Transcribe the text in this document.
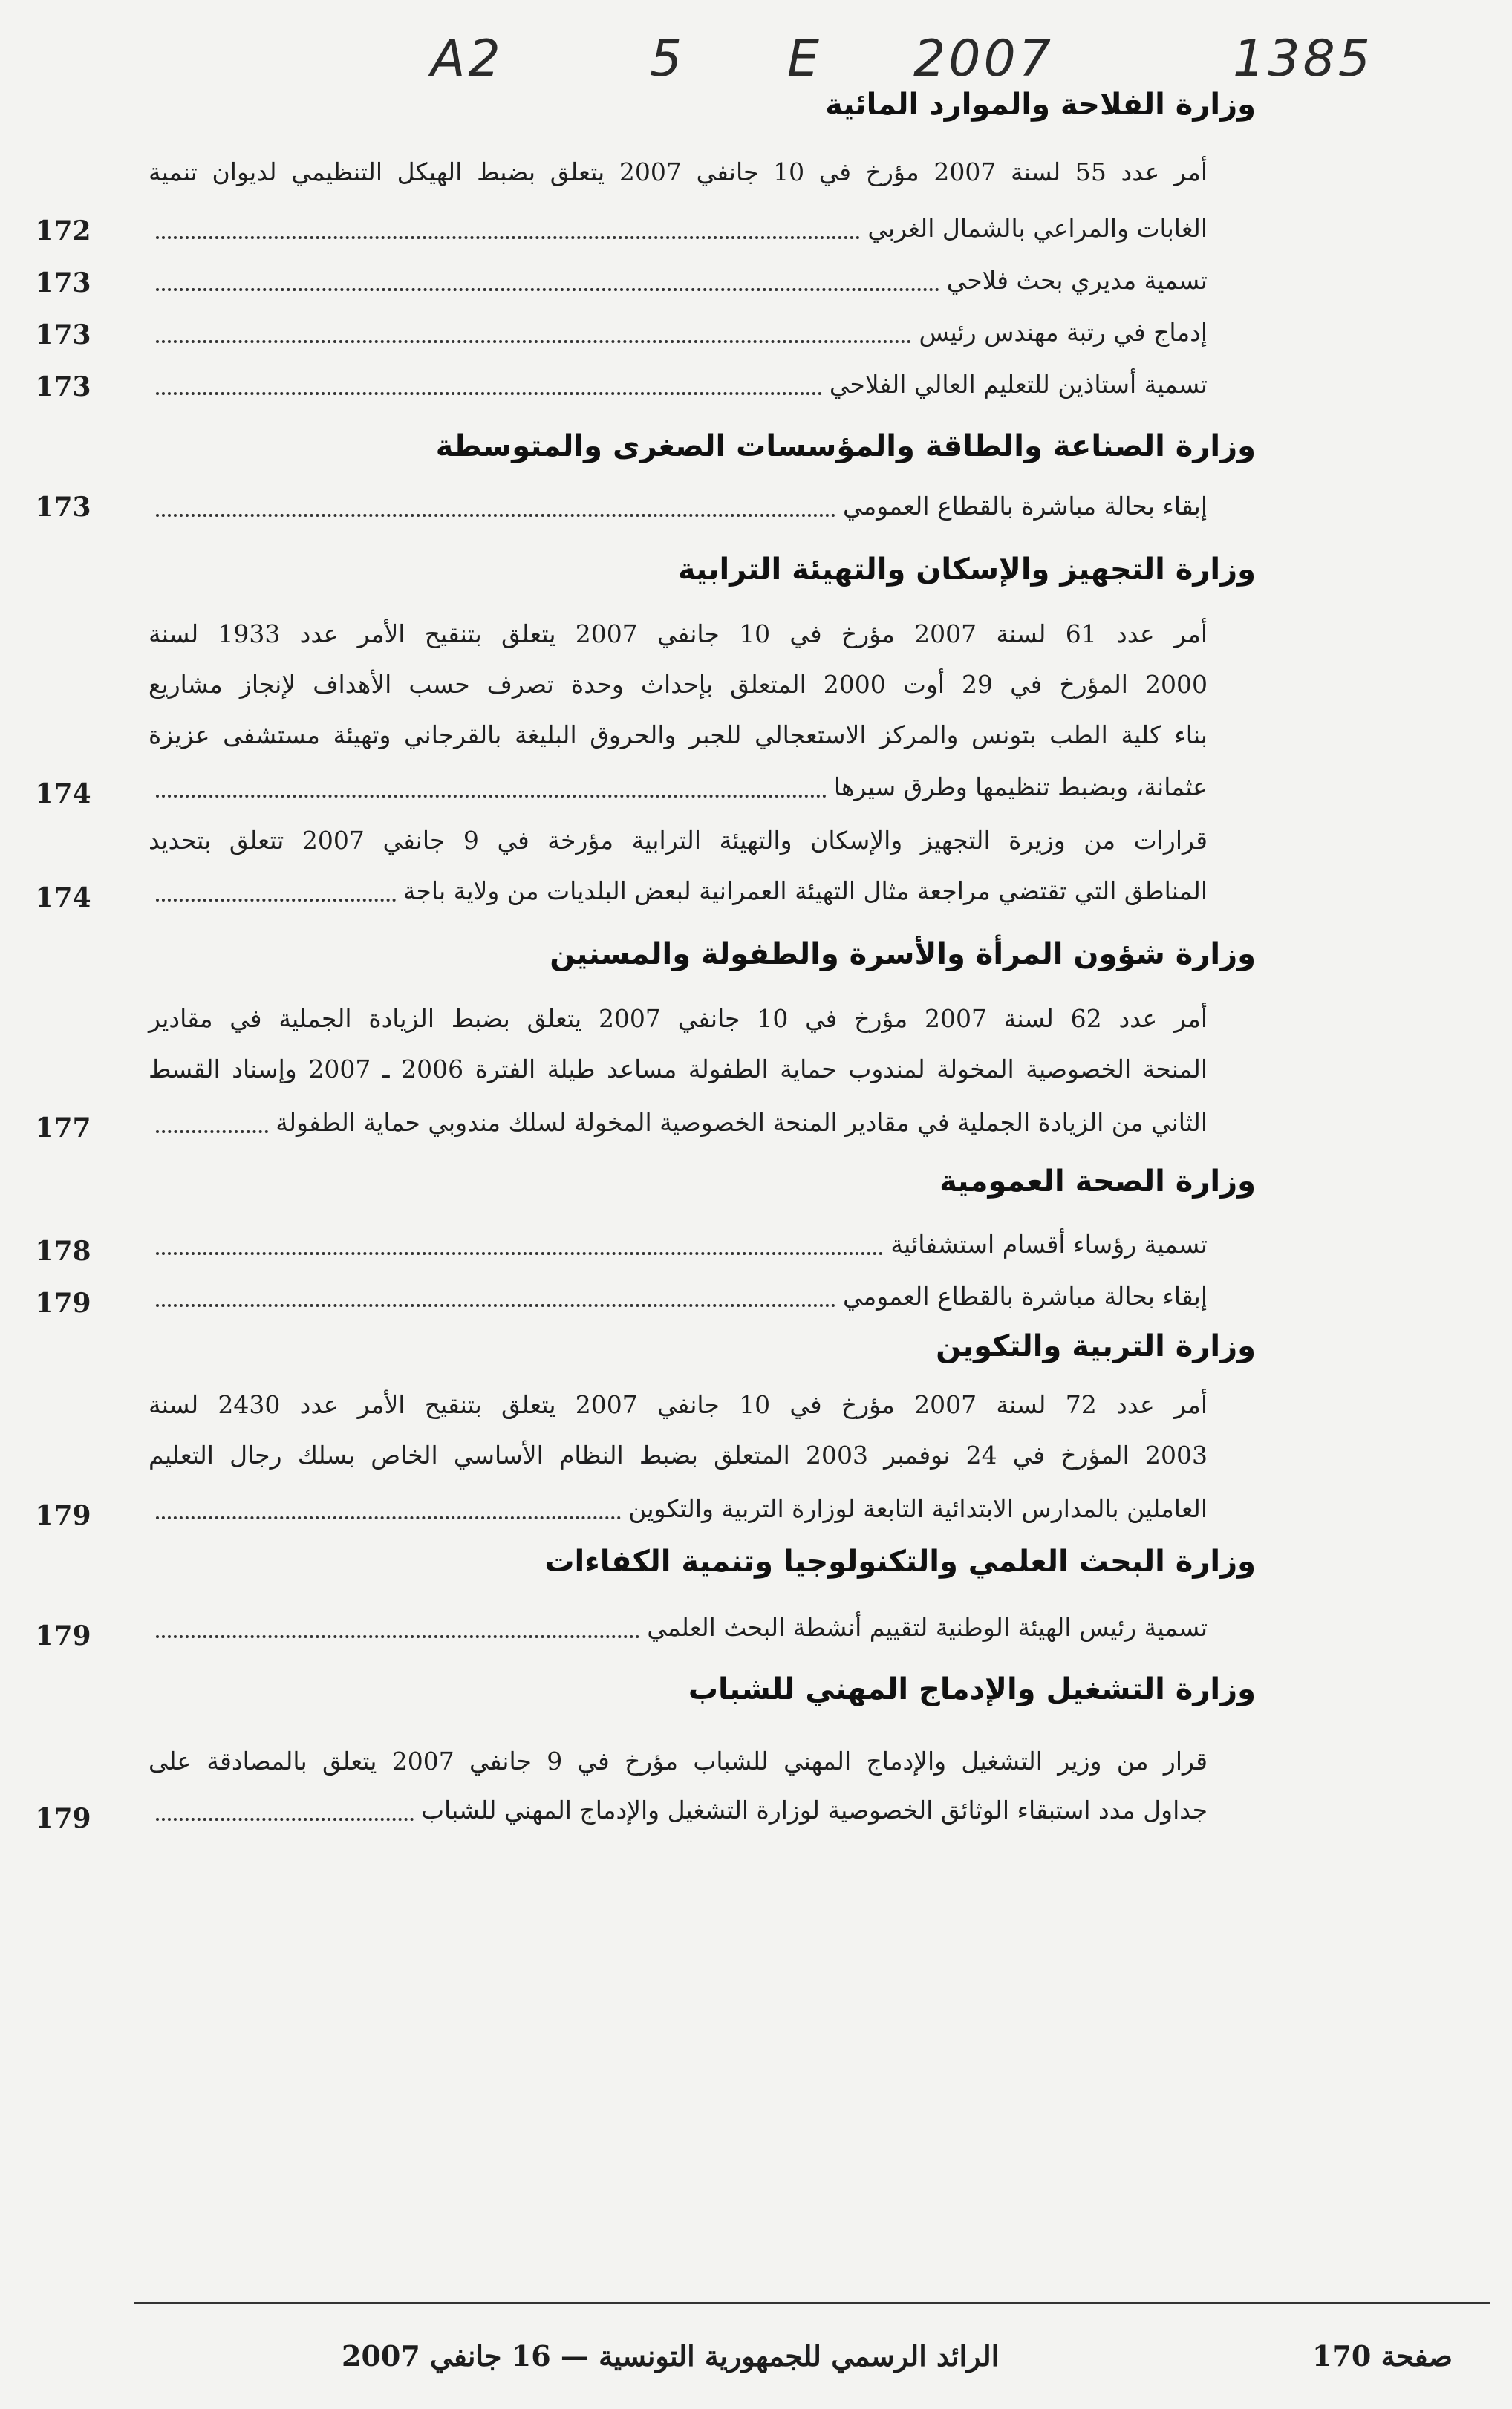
A2	5 E 2007	1385
وزارة الفلاحة والموارد المائية
أمر عدد 55 لسنة 2007 مؤرخ في 10 جانفي 2007 يتعلق بضبط الهيكل التنظيمي لديوان تنمية
الغابات والمراعي بالشمال الغربي
172
تسمية مديري بحث فلاحي
173
إدماج في رتبة مهندس رئيس
173
تسمية أستاذين للتعليم العالي الفلاحي
173
وزارة الصناعة والطاقة والمؤسسات الصغرى والمتوسطة
إبقاء بحالة مباشرة بالقطاع العمومي
173
وزارة التجهيز والإسكان والتهيئة الترابية
أمر عدد 61 لسنة 2007 مؤرخ في 10 جانفي 2007 يتعلق بتنقيح الأمر عدد 1933 لسنة
2000 المؤرخ في 29 أوت 2000 المتعلق بإحداث وحدة تصرف حسب الأهداف لإنجاز مشاريع
بناء كلية الطب بتونس والمركز الاستعجالي للجبر والحروق البليغة بالقرجاني وتهيئة مستشفى عزيزة
عثمانة، وبضبط تنظيمها وطرق سيرها
174
قرارات من وزيرة التجهيز والإسكان والتهيئة الترابية مؤرخة في 9 جانفي 2007 تتعلق بتحديد
المناطق التي تقتضي مراجعة مثال التهيئة العمرانية لبعض البلديات من ولاية باجة
174
وزارة شؤون المرأة والأسرة والطفولة والمسنين
أمر عدد 62 لسنة 2007 مؤرخ في 10 جانفي 2007 يتعلق بضبط الزيادة الجملية في مقادير
المنحة الخصوصية المخولة لمندوب حماية الطفولة مساعد طيلة الفترة 2006 ـ 2007 وإسناد القسط
الثاني من الزيادة الجملية في مقادير المنحة الخصوصية المخولة لسلك مندوبي حماية الطفولة
177
وزارة الصحة العمومية
تسمية رؤساء أقسام استشفائية
178
إبقاء بحالة مباشرة بالقطاع العمومي
179
وزارة التربية والتكوين
أمر عدد 72 لسنة 2007 مؤرخ في 10 جانفي 2007 يتعلق بتنقيح الأمر عدد 2430 لسنة
2003 المؤرخ في 24 نوفمبر 2003 المتعلق بضبط النظام الأساسي الخاص بسلك رجال التعليم
العاملين بالمدارس الابتدائية التابعة لوزارة التربية والتكوين
179
وزارة البحث العلمي والتكنولوجيا وتنمية الكفاءات
تسمية رئيس الهيئة الوطنية لتقييم أنشطة البحث العلمي
179
وزارة التشغيل والإدماج المهني للشباب
قرار من وزير التشغيل والإدماج المهني للشباب مؤرخ في 9 جانفي 2007 يتعلق بالمصادقة على
جداول مدد استبقاء الوثائق الخصوصية لوزارة التشغيل والإدماج المهني للشباب
179
الرائد الرسمي للجمهورية التونسية — 16 جانفي 2007	صفحة 170
